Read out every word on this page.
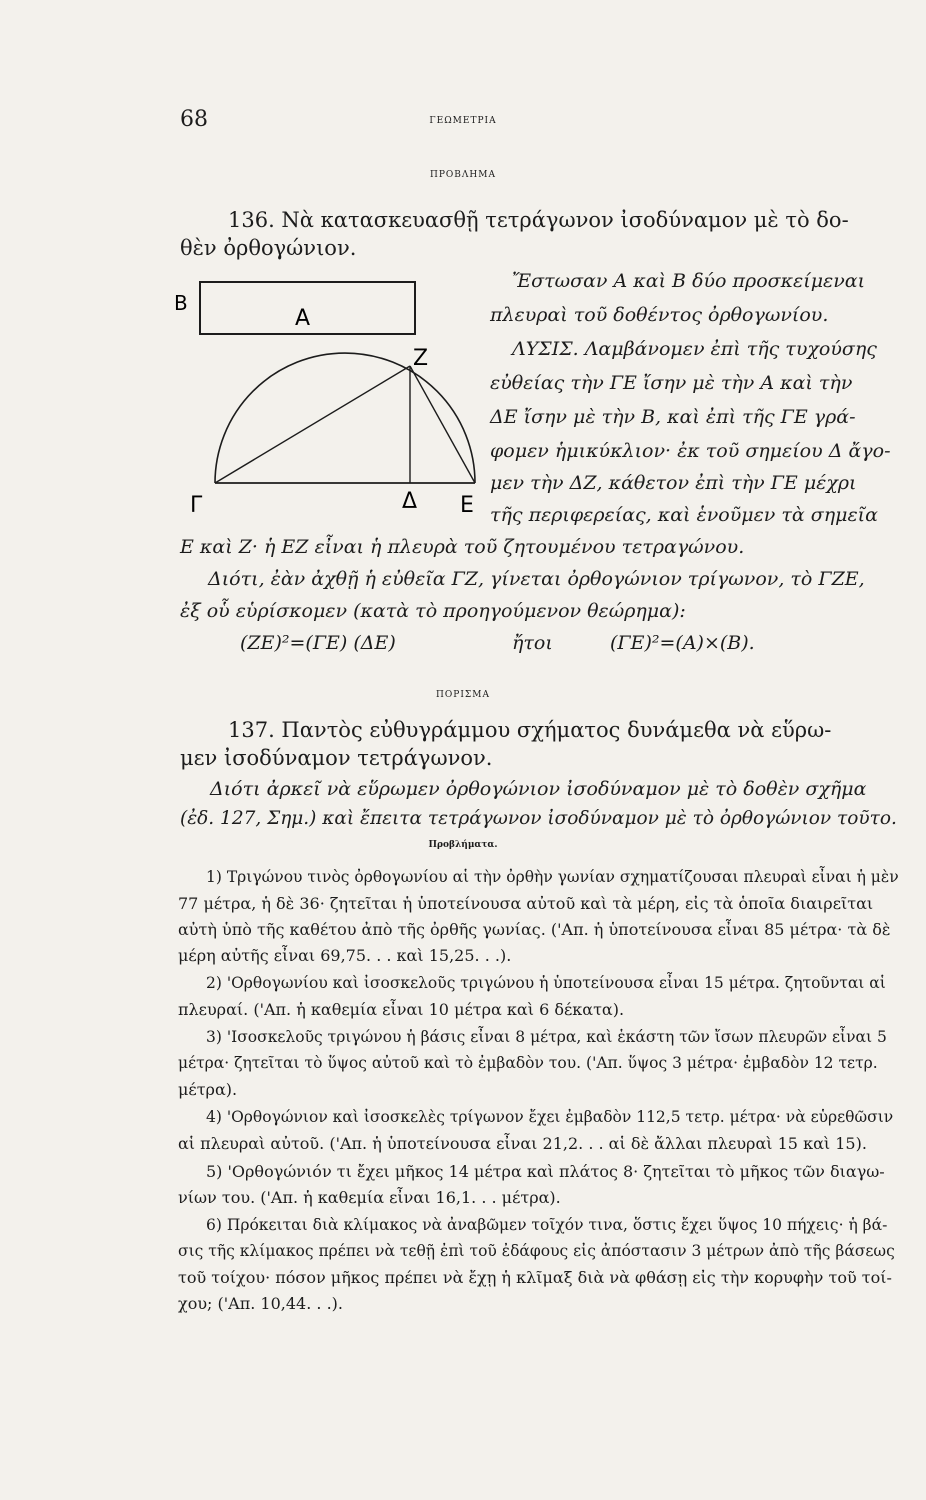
68	ΓΕΩΜΕΤΡΙΑ
ΠΡΟΒΛΗΜΑ
136. Νὰ κατασκευασθῇ τετράγωνον ἰσοδύναμον μὲ τὸ δο-
θὲν ὀρθογώνιον.
B
A
Z
Γ	Δ E
Ἔστωσαν Α καὶ Β δύο προσκείμεναι
πλευραὶ τοῦ δοθέντος ὀρθογωνίου.
ΛΥΣΙΣ. Λαμβάνομεν ἐπὶ τῆς τυχούσης
εὐθείας τὴν ΓΕ ἴσην μὲ τὴν Α καὶ τὴν
ΔΕ ἴσην μὲ τὴν Β, καὶ ἐπὶ τῆς ΓΕ γρά-
φομεν ἡμικύκλιον· ἐκ τοῦ σημείου Δ ἄγο-
μεν τὴν ΔΖ, κάθετον ἐπὶ τὴν ΓΕ μέχρι
τῆς περιφερείας, καὶ ἑνοῦμεν τὰ σημεῖα
Ε καὶ Ζ· ἡ ΕΖ εἶναι ἡ πλευρὰ τοῦ ζητουμένου τετραγώνου.
Διότι, ἐὰν ἀχθῇ ἡ εὐθεῖα ΓΖ, γίνεται ὀρθογώνιον τρίγωνον, τὸ ΓΖΕ,
ἐξ οὗ εὑρίσκομεν (κατὰ τὸ προηγούμενον θεώρημα):
(ΖΕ)²=(ΓΕ) (ΔΕ)	ἤτοι	(ΓΕ)²=(Α)×(Β).
ΠΟΡΙΣΜΑ
137. Παντὸς εὐθυγράμμου σχήματος δυνάμεθα νὰ εὕρω-
μεν ἰσοδύναμον τετράγωνον.
Διότι ἀρκεῖ νὰ εὕρωμεν ὀρθογώνιον ἰσοδύναμον μὲ τὸ δοθὲν σχῆμα
(ἐδ. 127, Σημ.) καὶ ἔπειτα τετράγωνον ἰσοδύναμον μὲ τὸ ὀρθογώνιον τοῦτο.
Προβλήματα.
1) Τριγώνου τινὸς ὀρθογωνίου αἱ τὴν ὀρθὴν γωνίαν σχηματίζουσαι πλευραὶ εἶναι ἡ μὲν
77 μέτρα, ἡ δὲ 36· ζητεῖται ἡ ὑποτείνουσα αὐτοῦ καὶ τὰ μέρη, εἰς τὰ ὁποῖα διαιρεῖται
αὐτὴ ὑπὸ τῆς καθέτου ἀπὸ τῆς ὀρθῆς γωνίας. ('Απ. ἡ ὑποτείνουσα εἶναι 85 μέτρα· τὰ δὲ
μέρη αὐτῆς εἶναι 69,75. . . καὶ 15,25. . .).
2) 'Ορθογωνίου καὶ ἰσοσκελοῦς τριγώνου ἡ ὑποτείνουσα εἶναι 15 μέτρα. ζητοῦνται αἱ
πλευραί. ('Απ. ἡ καθεμία εἶναι 10 μέτρα καὶ 6 δέκατα).
3) 'Ισοσκελοῦς τριγώνου ἡ βάσις εἶναι 8 μέτρα, καὶ ἑκάστη τῶν ἴσων πλευρῶν εἶναι 5
μέτρα· ζητεῖται τὸ ὕψος αὐτοῦ καὶ τὸ ἐμβαδὸν του. ('Απ. ὕψος 3 μέτρα· ἐμβαδὸν 12 τετρ.
μέτρα).
4) 'Ορθογώνιον καὶ ἰσοσκελὲς τρίγωνον ἔχει ἐμβαδὸν 112,5 τετρ. μέτρα· νὰ εὑρεθῶσιν
αἱ πλευραὶ αὐτοῦ. ('Απ. ἡ ὑποτείνουσα εἶναι 21,2. . . αἱ δὲ ἄλλαι πλευραὶ 15 καὶ 15).
5) 'Ορθογώνιόν τι ἔχει μῆκος 14 μέτρα καὶ πλάτος 8· ζητεῖται τὸ μῆκος τῶν διαγω-
νίων του. ('Απ. ἡ καθεμία εἶναι 16,1. . . μέτρα).
6) Πρόκειται διὰ κλίμακος νὰ ἀναβῶμεν τοῖχόν τινα, ὅστις ἔχει ὕψος 10 πήχεις· ἡ βά-
σις τῆς κλίμακος πρέπει νὰ τεθῇ ἐπὶ τοῦ ἐδάφους εἰς ἀπόστασιν 3 μέτρων ἀπὸ τῆς βάσεως
τοῦ τοίχου· πόσον μῆκος πρέπει νὰ ἔχῃ ἡ κλῖμαξ διὰ νὰ φθάσῃ εἰς τὴν κορυφὴν τοῦ τοί-
χου; ('Απ. 10,44. . .).
